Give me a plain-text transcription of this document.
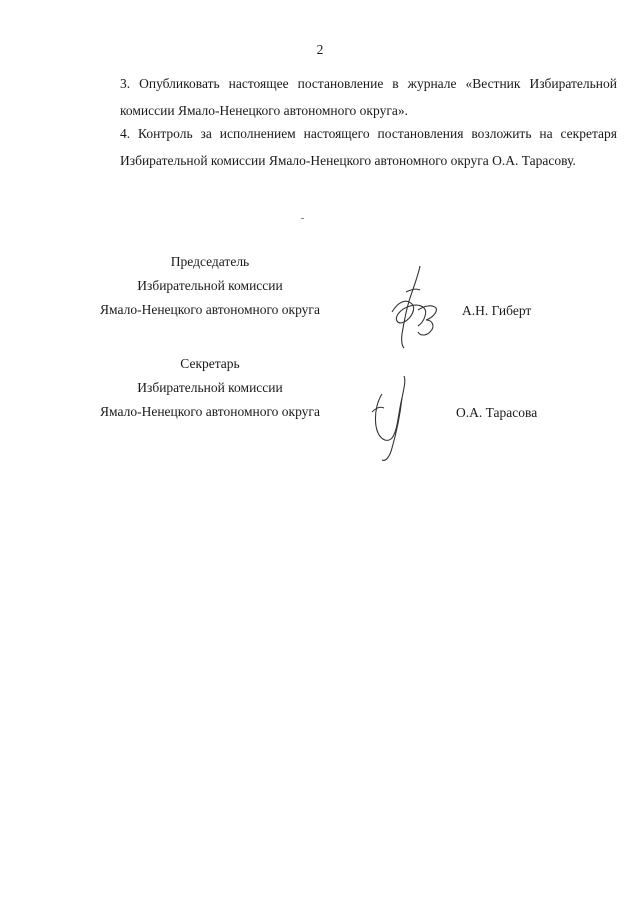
2
3. Опубликовать настоящее постановление в журнале «Вестник Избирательной комиссии Ямало-Ненецкого автономного округа».
4. Контроль за исполнением настоящего постановления возложить на секретаря Избирательной комиссии Ямало-Ненецкого автономного округа О.А. Тарасову.
Председатель
Избирательной комиссии
Ямало-Ненецкого автономного округа	А.Н. Гиберт
Секретарь
Избирательной комиссии
Ямало-Ненецкого автономного округа	О.А. Тарасова
